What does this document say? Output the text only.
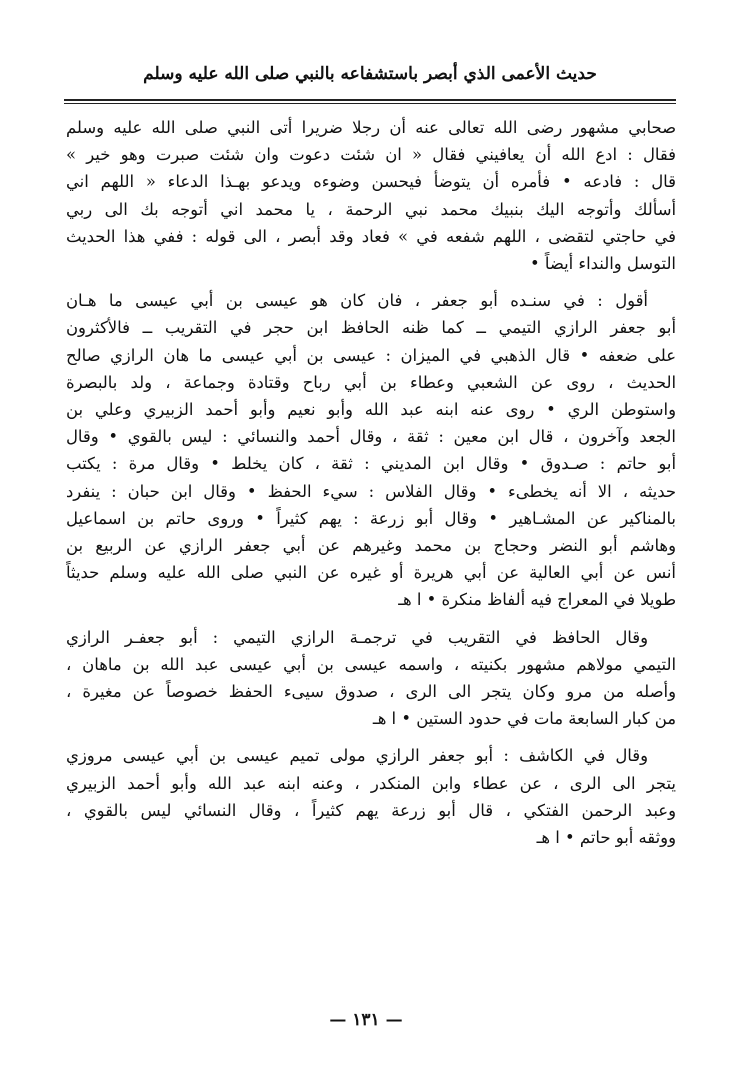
حديث الأعمى الذي أبصر باستشفاعه بالنبي صلى الله عليه وسلم
صحابي مشهور رضى الله تعالى عنه أن رجلا ضريرا أتى النبي صلى الله عليه وسلم
فقال : ادع الله أن يعافيني فقال « ان شئت دعوت وان شئت صبرت وهو خير »
قال : فادعه • فأمره أن يتوضأ فيحسن وضوءه ويدعو بهـذا الدعاء « اللهم اني
أسألك وأتوجه اليك بنبيك محمد نبي الرحمة ، يا محمد اني أتوجه بك الى ربي
في حاجتي لتقضى ، اللهم شفعه في » فعاد وقد أبصر ، الى قوله : ففي هذا الحديث
التوسل والنداء أيضاً •
أقول : في سنـده أبو جعفر ، فان كان هو عيسى بن أبي عيسى ما هـان
أبو جعفر الرازي التيمي ــ كما ظنه الحافظ ابن حجر في التقريب ــ فالأكثرون
على ضعفه • قال الذهبي في الميزان : عيسى بن أبي عيسى ما هان الرازي صالح
الحديث ، روى عن الشعبي وعطاء بن أبي رباح وقتادة وجماعة ، ولد بالبصرة
واستوطن الري • روى عنه ابنه عبد الله وأبو نعيم وأبو أحمد الزبيري وعلي بن
الجعد وآخرون ، قال ابن معين : ثقة ، وقال أحمد والنسائي : ليس بالقوي • وقال
أبو حاتم : صـدوق • وقال ابن المديني : ثقة ، كان يخلط • وقال مرة : يكتب
حديثه ، الا أنه يخطىء • وقال الفلاس : سيء الحفظ • وقال ابن حبان : ينفرد
بالمناكير عن المشـاهير • وقال أبو زرعة : يهم كثيراً • وروى حاتم بن اسماعيل
وهاشم أبو النضر وحجاج بن محمد وغيرهم عن أبي جعفر الرازي عن الربيع بن
أنس عن أبي العالية عن أبي هريرة أو غيره عن النبي صلى الله عليه وسلم حديثاً
طويلا في المعراج فيه ألفاظ منكرة • ا هـ
وقال الحافظ في التقريب في ترجمـة الرازي التيمي : أبو جعفـر الرازي
التيمي مولاهم مشهور بكنيته ، واسمه عيسى بن أبي عيسى عبد الله بن ماهان ،
وأصله من مرو وكان يتجر الى الرى ، صدوق سيىء الحفظ خصوصاً عن مغيرة ،
من كبار السابعة مات في حدود الستين • ا هـ
وقال في الكاشف : أبو جعفر الرازي مولى تميم عيسى بن أبي عيسى مروزي
يتجر الى الرى ، عن عطاء وابن المنكدر ، وعنه ابنه عبد الله وأبو أحمد الزبيري
وعبد الرحمن الفتكي ، قال أبو زرعة يهم كثيراً ، وقال النسائي ليس بالقوي ،
ووثقه أبو حاتم • ا هـ
— ١٣١ —
